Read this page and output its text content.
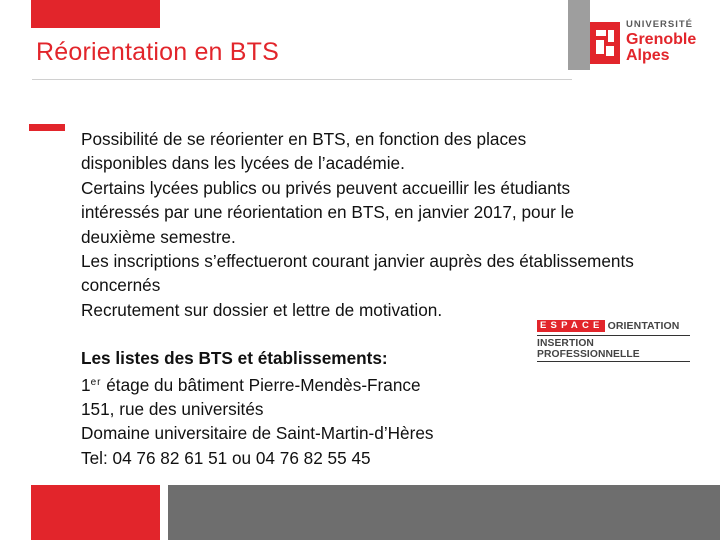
Réorientation en BTS
UNIVERSITÉ
Grenoble
Alpes

Possibilité de se réorienter en BTS, en fonction des places
disponibles dans les lycées de l’académie.

Certains lycées publics ou privés peuvent accueillir les étudiants
intéressés par une réorientation en BTS, en janvier 2017, pour le
deuxième semestre.

Les inscriptions s’effectueront courant janvier auprès des établissements
concernés

Recrutement sur dossier et lettre de motivation.

Les listes des BTS et établissements:

1er étage du bâtiment Pierre-Mendès-France

151, rue des universités

Domaine universitaire de Saint-Martin-d’Hères

Tel: 04 76 82 61 51 ou 04 76 82 55 45

ESPACE ORIENTATION
INSERTION PROFESSIONNELLE
